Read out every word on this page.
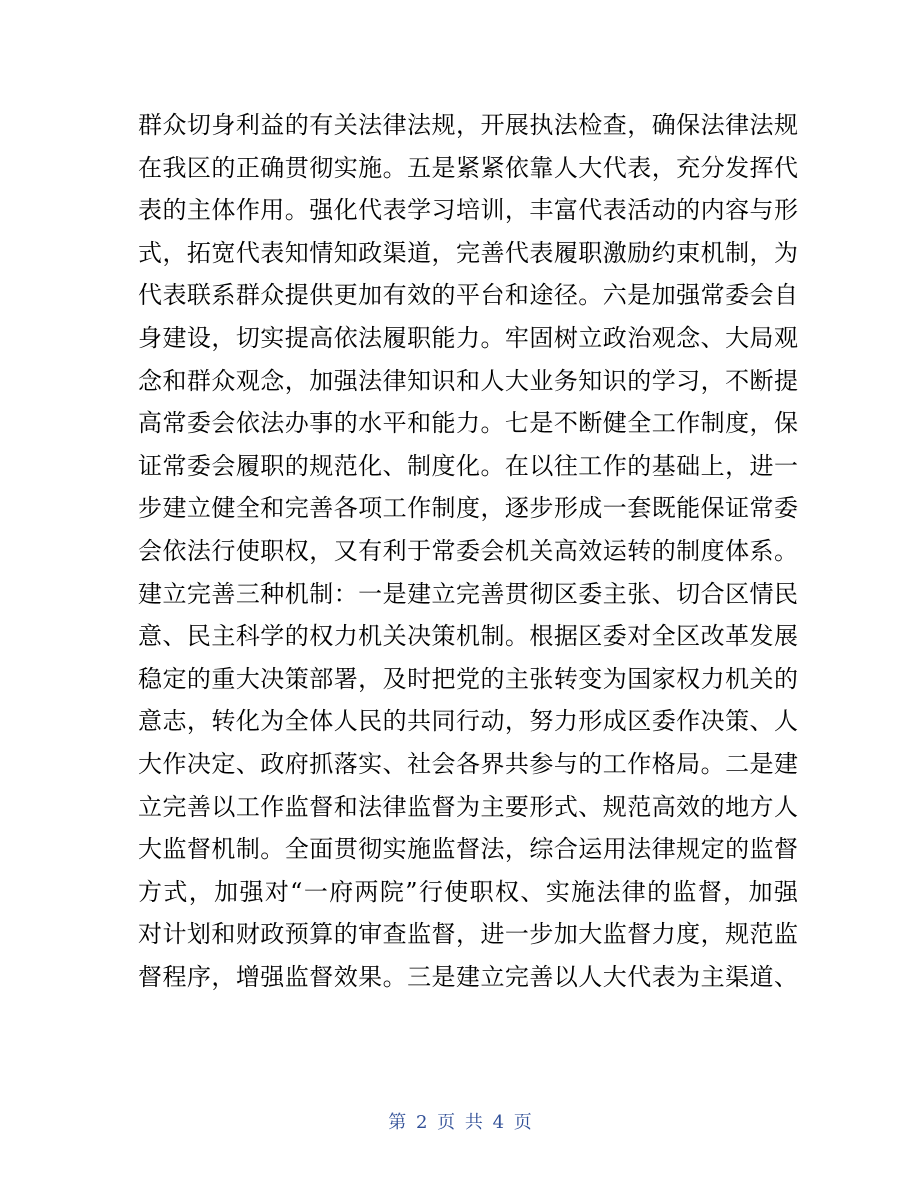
群众切身利益的有关法律法规，开展执法检查，确保法律法规
在我区的正确贯彻实施。五是紧紧依靠人大代表，充分发挥代
表的主体作用。强化代表学习培训，丰富代表活动的内容与形
式，拓宽代表知情知政渠道，完善代表履职激励约束机制，为
代表联系群众提供更加有效的平台和途径。六是加强常委会自
身建设，切实提高依法履职能力。牢固树立政治观念、大局观
念和群众观念，加强法律知识和人大业务知识的学习，不断提
高常委会依法办事的水平和能力。七是不断健全工作制度，保
证常委会履职的规范化、制度化。在以往工作的基础上，进一
步建立健全和完善各项工作制度，逐步形成一套既能保证常委
会依法行使职权，又有利于常委会机关高效运转的制度体系。
建立完善三种机制：一是建立完善贯彻区委主张、切合区情民
意、民主科学的权力机关决策机制。根据区委对全区改革发展
稳定的重大决策部署，及时把党的主张转变为国家权力机关的
意志，转化为全体人民的共同行动，努力形成区委作决策、人
大作决定、政府抓落实、社会各界共参与的工作格局。二是建
立完善以工作监督和法律监督为主要形式、规范高效的地方人
大监督机制。全面贯彻实施监督法，综合运用法律规定的监督
方式，加强对“一府两院”行使职权、实施法律的监督，加强
对计划和财政预算的审查监督，进一步加大监督力度，规范监
督程序，增强监督效果。三是建立完善以人大代表为主渠道、
第 2 页 共 4 页
